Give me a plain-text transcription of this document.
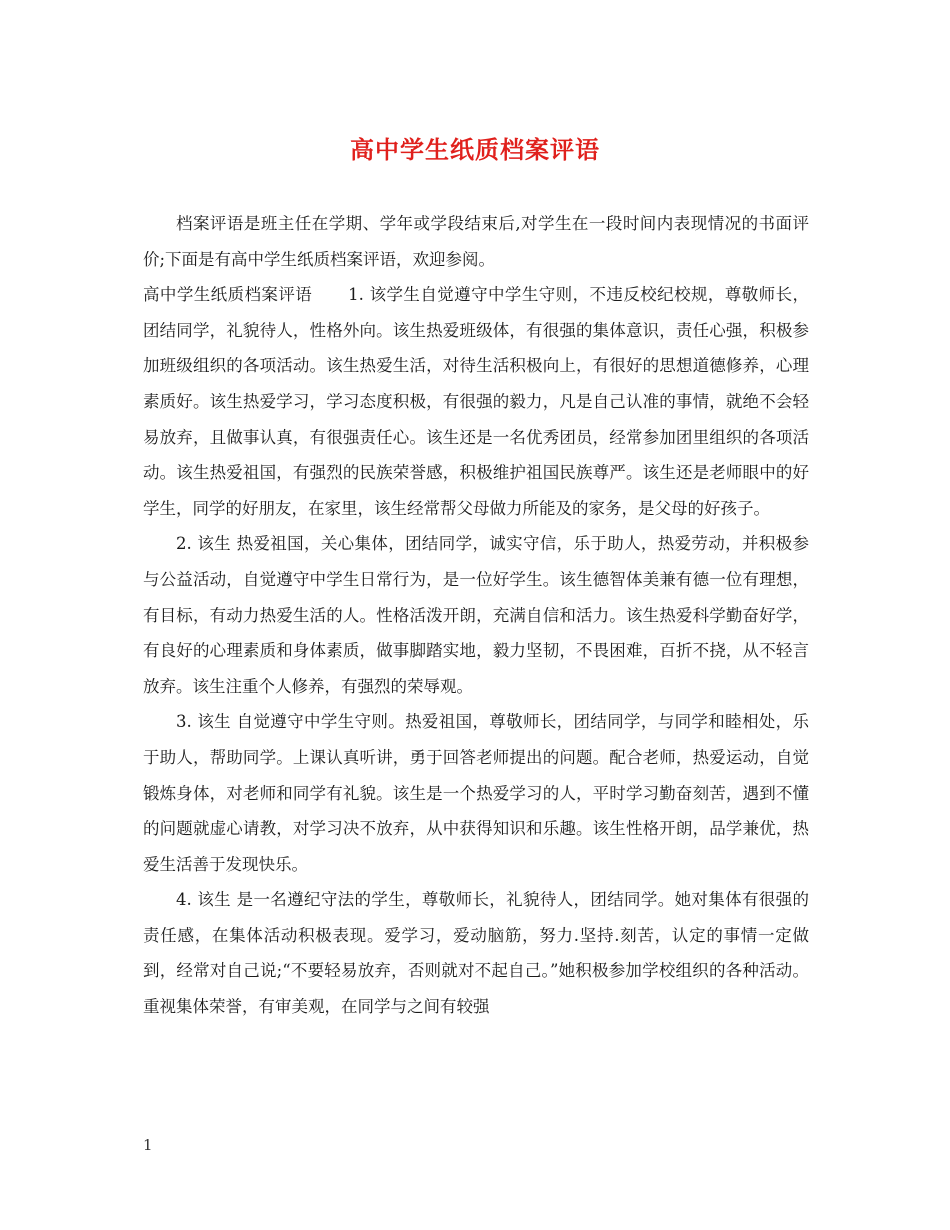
高中学生纸质档案评语

档案评语是班主任在学期、学年或学段结束后,对学生在一段时间内表现情况的书面评价;下面是有高中学生纸质档案评语，欢迎参阅。

高中学生纸质档案评语 1. 该学生自觉遵守中学生守则，不违反校纪校规，尊敬师长，团结同学，礼貌待人，性格外向。该生热爱班级体，有很强的集体意识，责任心强，积极参加班级组织的各项活动。该生热爱生活，对待生活积极向上，有很好的思想道德修养，心理素质好。该生热爱学习，学习态度积极，有很强的毅力，凡是自己认准的事情，就绝不会轻易放弃，且做事认真，有很强责任心。该生还是一名优秀团员，经常参加团里组织的各项活动。该生热爱祖国，有强烈的民族荣誉感，积极维护祖国民族尊严。该生还是老师眼中的好学生，同学的好朋友，在家里，该生经常帮父母做力所能及的家务，是父母的好孩子。

2. 该生 热爱祖国，关心集体，团结同学，诚实守信，乐于助人，热爱劳动，并积极参与公益活动，自觉遵守中学生日常行为，是一位好学生。该生德智体美兼有德一位有理想，有目标，有动力热爱生活的人。性格活泼开朗，充满自信和活力。该生热爱科学勤奋好学，有良好的心理素质和身体素质，做事脚踏实地，毅力坚韧，不畏困难，百折不挠，从不轻言放弃。该生注重个人修养，有强烈的荣辱观。

3. 该生 自觉遵守中学生守则。热爱祖国，尊敬师长，团结同学，与同学和睦相处，乐于助人，帮助同学。上课认真听讲，勇于回答老师提出的问题。配合老师，热爱运动，自觉锻炼身体，对老师和同学有礼貌。该生是一个热爱学习的人，平时学习勤奋刻苦，遇到不懂的问题就虚心请教，对学习决不放弃，从中获得知识和乐趣。该生性格开朗，品学兼优，热爱生活善于发现快乐。

4. 该生 是一名遵纪守法的学生，尊敬师长，礼貌待人，团结同学。她对集体有很强的责任感，在集体活动积极表现。爱学习，爱动脑筋，努力.坚持.刻苦，认定的事情一定做到，经常对自己说;“不要轻易放弃，否则就对不起自己。”她积极参加学校组织的各种活动。重视集体荣誉，有审美观，在同学与之间有较强

1
